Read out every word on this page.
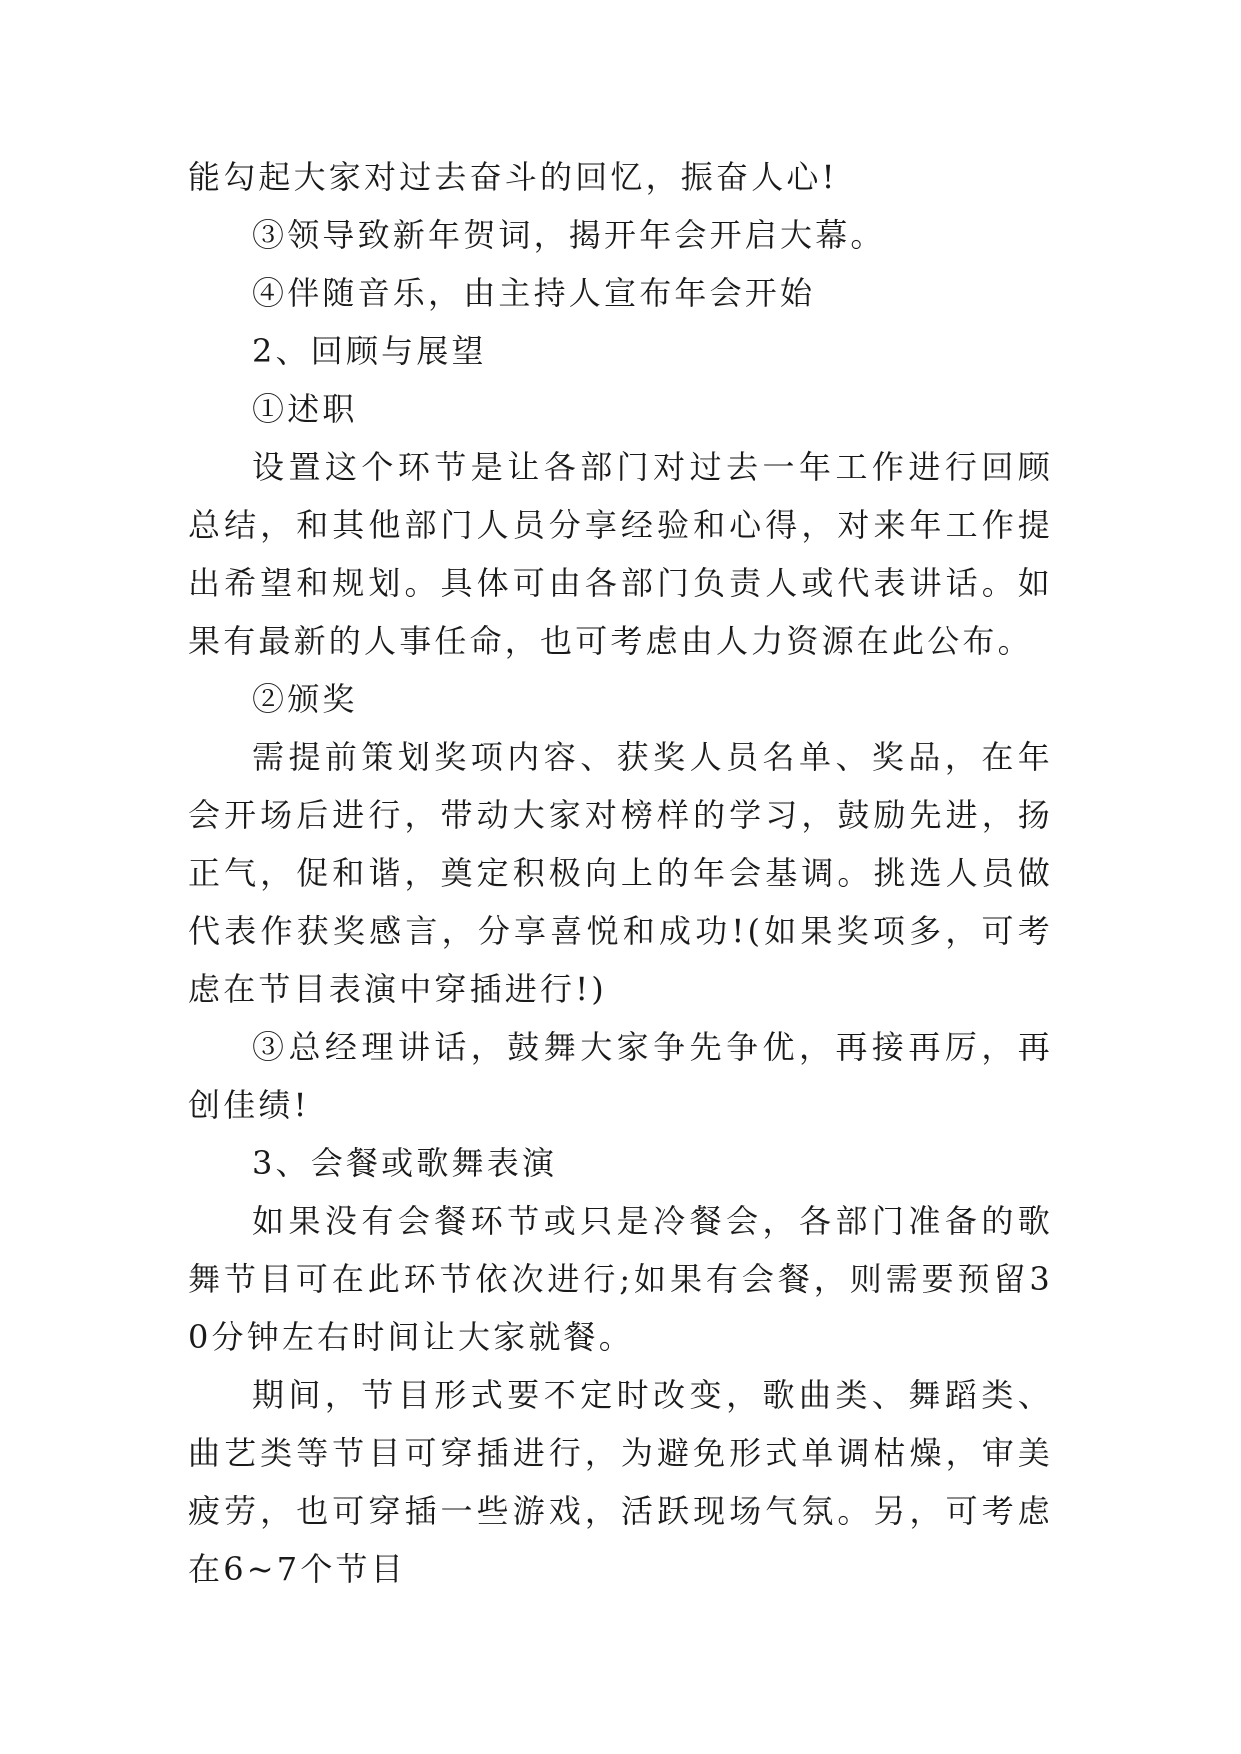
能勾起大家对过去奋斗的回忆，振奋人心!

③领导致新年贺词，揭开年会开启大幕。

④伴随音乐，由主持人宣布年会开始

2、回顾与展望

①述职

设置这个环节是让各部门对过去一年工作进行回顾总结，和其他部门人员分享经验和心得，对来年工作提出希望和规划。具体可由各部门负责人或代表讲话。如果有最新的人事任命，也可考虑由人力资源在此公布。

②颁奖

需提前策划奖项内容、获奖人员名单、奖品，在年会开场后进行，带动大家对榜样的学习，鼓励先进，扬正气，促和谐，奠定积极向上的年会基调。挑选人员做代表作获奖感言，分享喜悦和成功!(如果奖项多，可考虑在节目表演中穿插进行!)

③总经理讲话，鼓舞大家争先争优，再接再厉，再创佳绩!

3、会餐或歌舞表演

如果没有会餐环节或只是冷餐会，各部门准备的歌舞节目可在此环节依次进行;如果有会餐，则需要预留30分钟左右时间让大家就餐。

期间，节目形式要不定时改变，歌曲类、舞蹈类、曲艺类等节目可穿插进行，为避免形式单调枯燥，审美疲劳，也可穿插一些游戏，活跃现场气氛。另，可考虑在6~7个节目
